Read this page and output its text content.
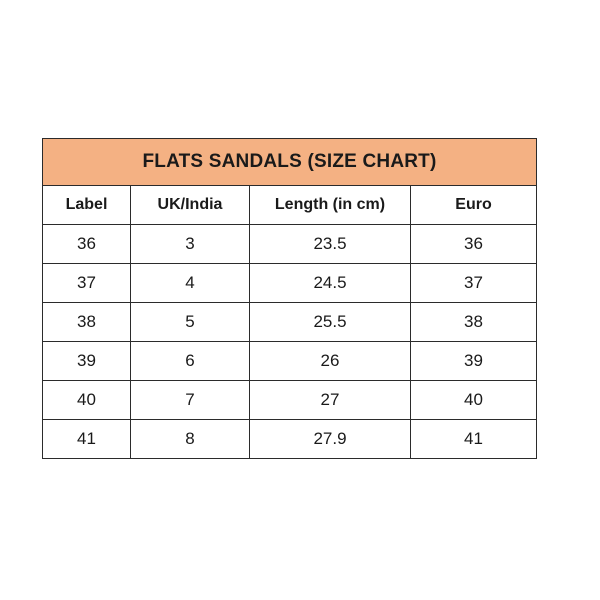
FLATS SANDALS (SIZE CHART)			
Label	UK/India	Length (in cm)	Euro
36	3	23.5	36
37	4	24.5	37
38	5	25.5	38
39	6	26	39
40	7	27	40
41	8	27.9	41
